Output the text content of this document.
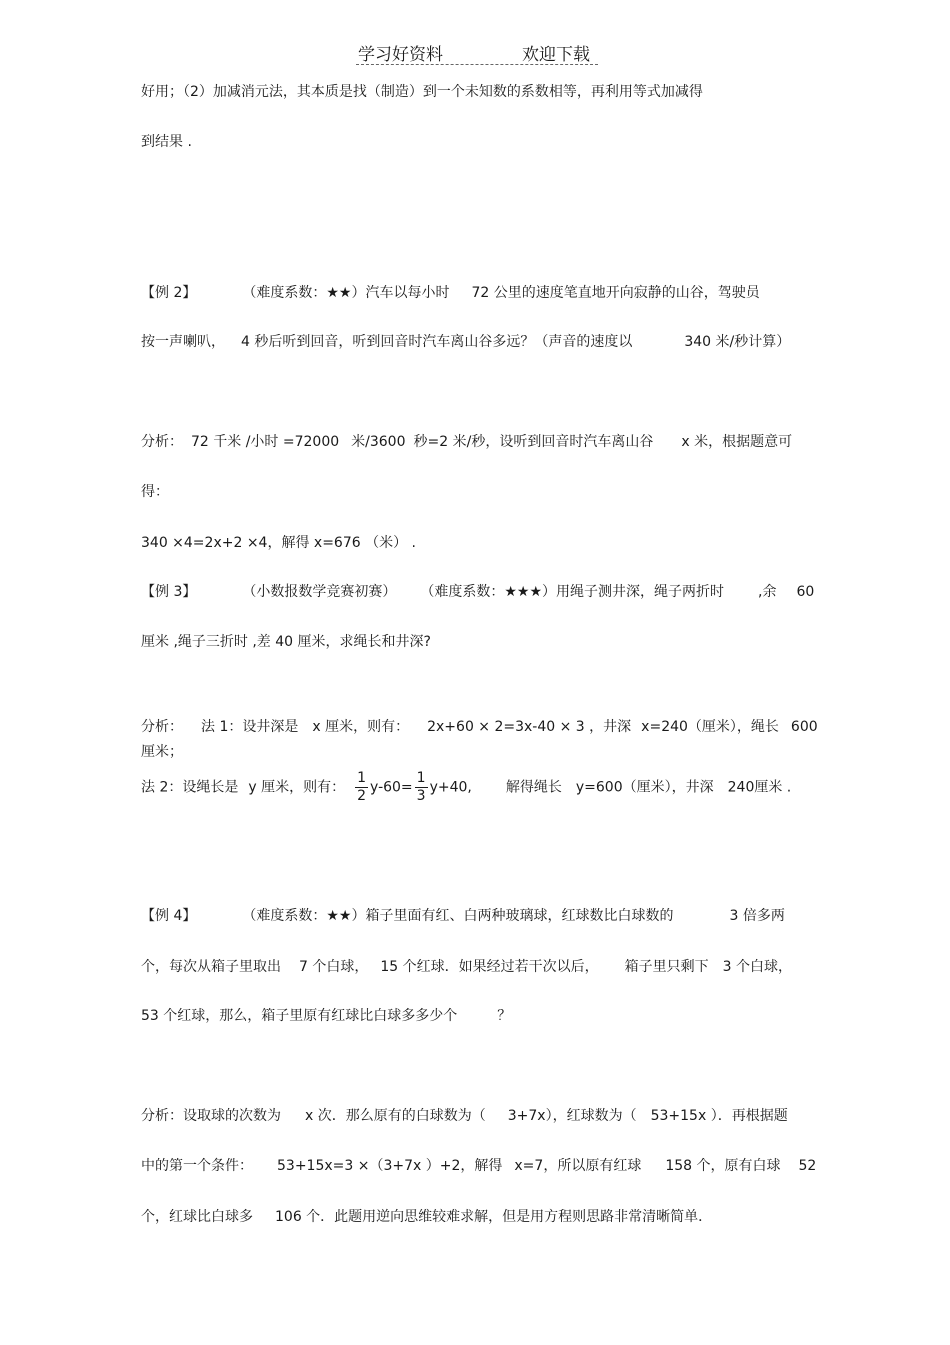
学习好资料	欢迎下载
好用；（2）加减消元法，其本质是找（制造）到一个未知数的系数相等，再利用等式加减得
到结果 .
【例 2】	（难度系数：★★）汽车以每小时 72 公里的速度笔直地开向寂静的山谷，驾驶员
按一声喇叭， 4 秒后听到回音，听到回音时汽车离山谷多远？（声音的速度以	340 米/秒计算）
分析： 72 千米 /小时 =72000 米/3600 秒=2 米/秒，设听到回音时汽车离山谷 x 米，根据题意可
得：
340 ×4=2x+2 ×4，解得 x=676 （米） .
【例 3】	（小数报数学竞赛初赛） （难度系数：★★★）用绳子测井深，绳子两折时 ,余 60
厘米 ,绳子三折时 ,差 40 厘米，求绳长和井深?
分析： 法 1：设井深是 x 厘米，则有： 2x+60 × 2=3x-40 × 3 ，井深 x=240（厘米），绳长 600
厘米；
法 2：设绳长是 y 厘米，则有： $\frac{1}{2} y-60= \frac{1}{3} y+40$, 解得绳长 y=600（厘米），井深 240厘米 .
【例 4】	（难度系数：★★）箱子里面有红、白两种玻璃球，红球数比白球数的	3 倍多两
个，每次从箱子里取出 7 个白球， 15 个红球．如果经过若干次以后， 箱子里只剩下 3 个白球，
53 个红球，那么，箱子里原有红球比白球多多少个	？
分析：设取球的次数为 x 次．那么原有的白球数为（ 3+7x），红球数为（ 53+15x ）．再根据题
中的第一个条件： 53+15x=3 ×（3+7x ）+2，解得 x=7，所以原有红球 158 个，原有白球 52
个，红球比白球多 106 个．此题用逆向思维较难求解，但是用方程则思路非常清晰简单．
